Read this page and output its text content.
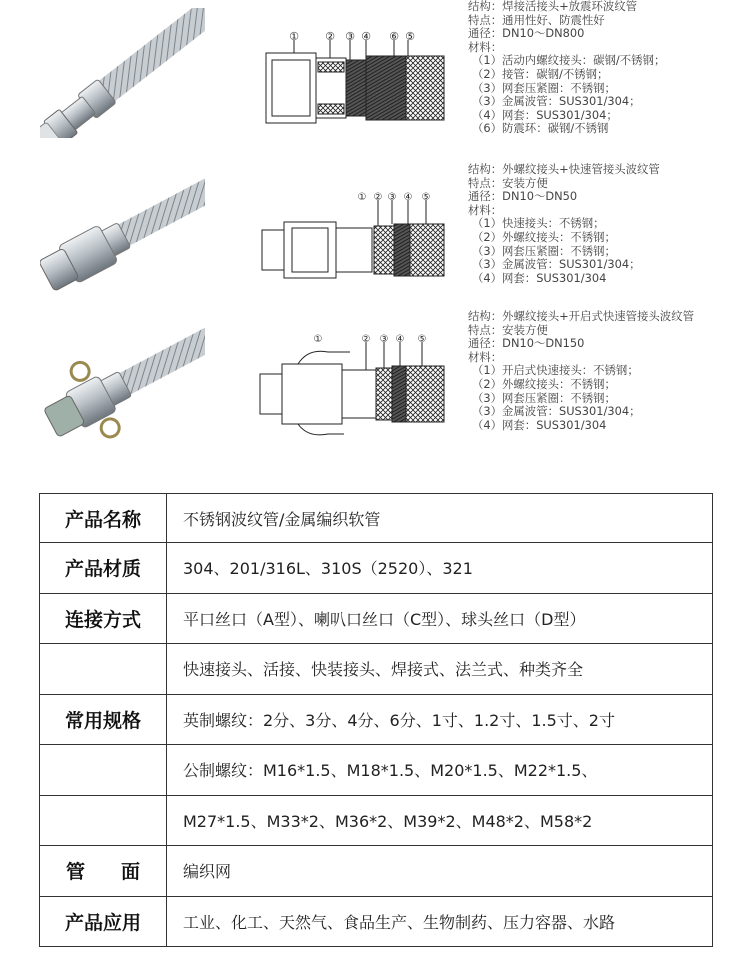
① ② ③ ④ ⑥ ⑤
结构：焊接活接头+放震环波纹管
特点：通用性好、防震性好
通径：DN10～DN800
材料：
（1）活动内螺纹接头：碳钢/不锈钢；
（2）接管：碳钢/不锈钢；
（3）网套压紧圈：不锈钢；
（3）金属波管：SUS301/304；
（4）网套：SUS301/304；
（6）防震环：碳钢/不锈钢
① ② ③ ④ ⑤
结构：外螺纹接头+快速管接头波纹管
特点：安装方便
通径：DN10～DN50
材料：
（1）快速接头：不锈钢；
（2）外螺纹接头：不锈钢；
（3）网套压紧圈：不锈钢；
（3）金属波管：SUS301/304；
（4）网套：SUS301/304
①	② ③ ④ ⑤
结构：外螺纹接头+开启式快速管接头波纹管
特点：安装方便
通径：DN10～DN150
材料：
（1）开启式快速接头：不锈钢；
（2）外螺纹接头：不锈钢；
（3）网套压紧圈：不锈钢；
（3）金属波管：SUS301/304；
（4）网套：SUS301/304
产品名称	不锈钢波纹管/金属编织软管
产品材质	304、201/316L、310S（2520）、321
连接方式	平口丝口（A型）、喇叭口丝口（C型）、球头丝口（D型）
	快速接头、活接、快装接头、焊接式、法兰式、种类齐全
常用规格	英制螺纹：2分、3分、4分、6分、1寸、1.2寸、1.5寸、2寸
	公制螺纹：M16*1.5、M18*1.5、M20*1.5、M22*1.5、
	M27*1.5、M33*2、M36*2、M39*2、M48*2、M58*2
管面	编织网
产品应用	工业、化工、天然气、食品生产、生物制药、压力容器、水路
